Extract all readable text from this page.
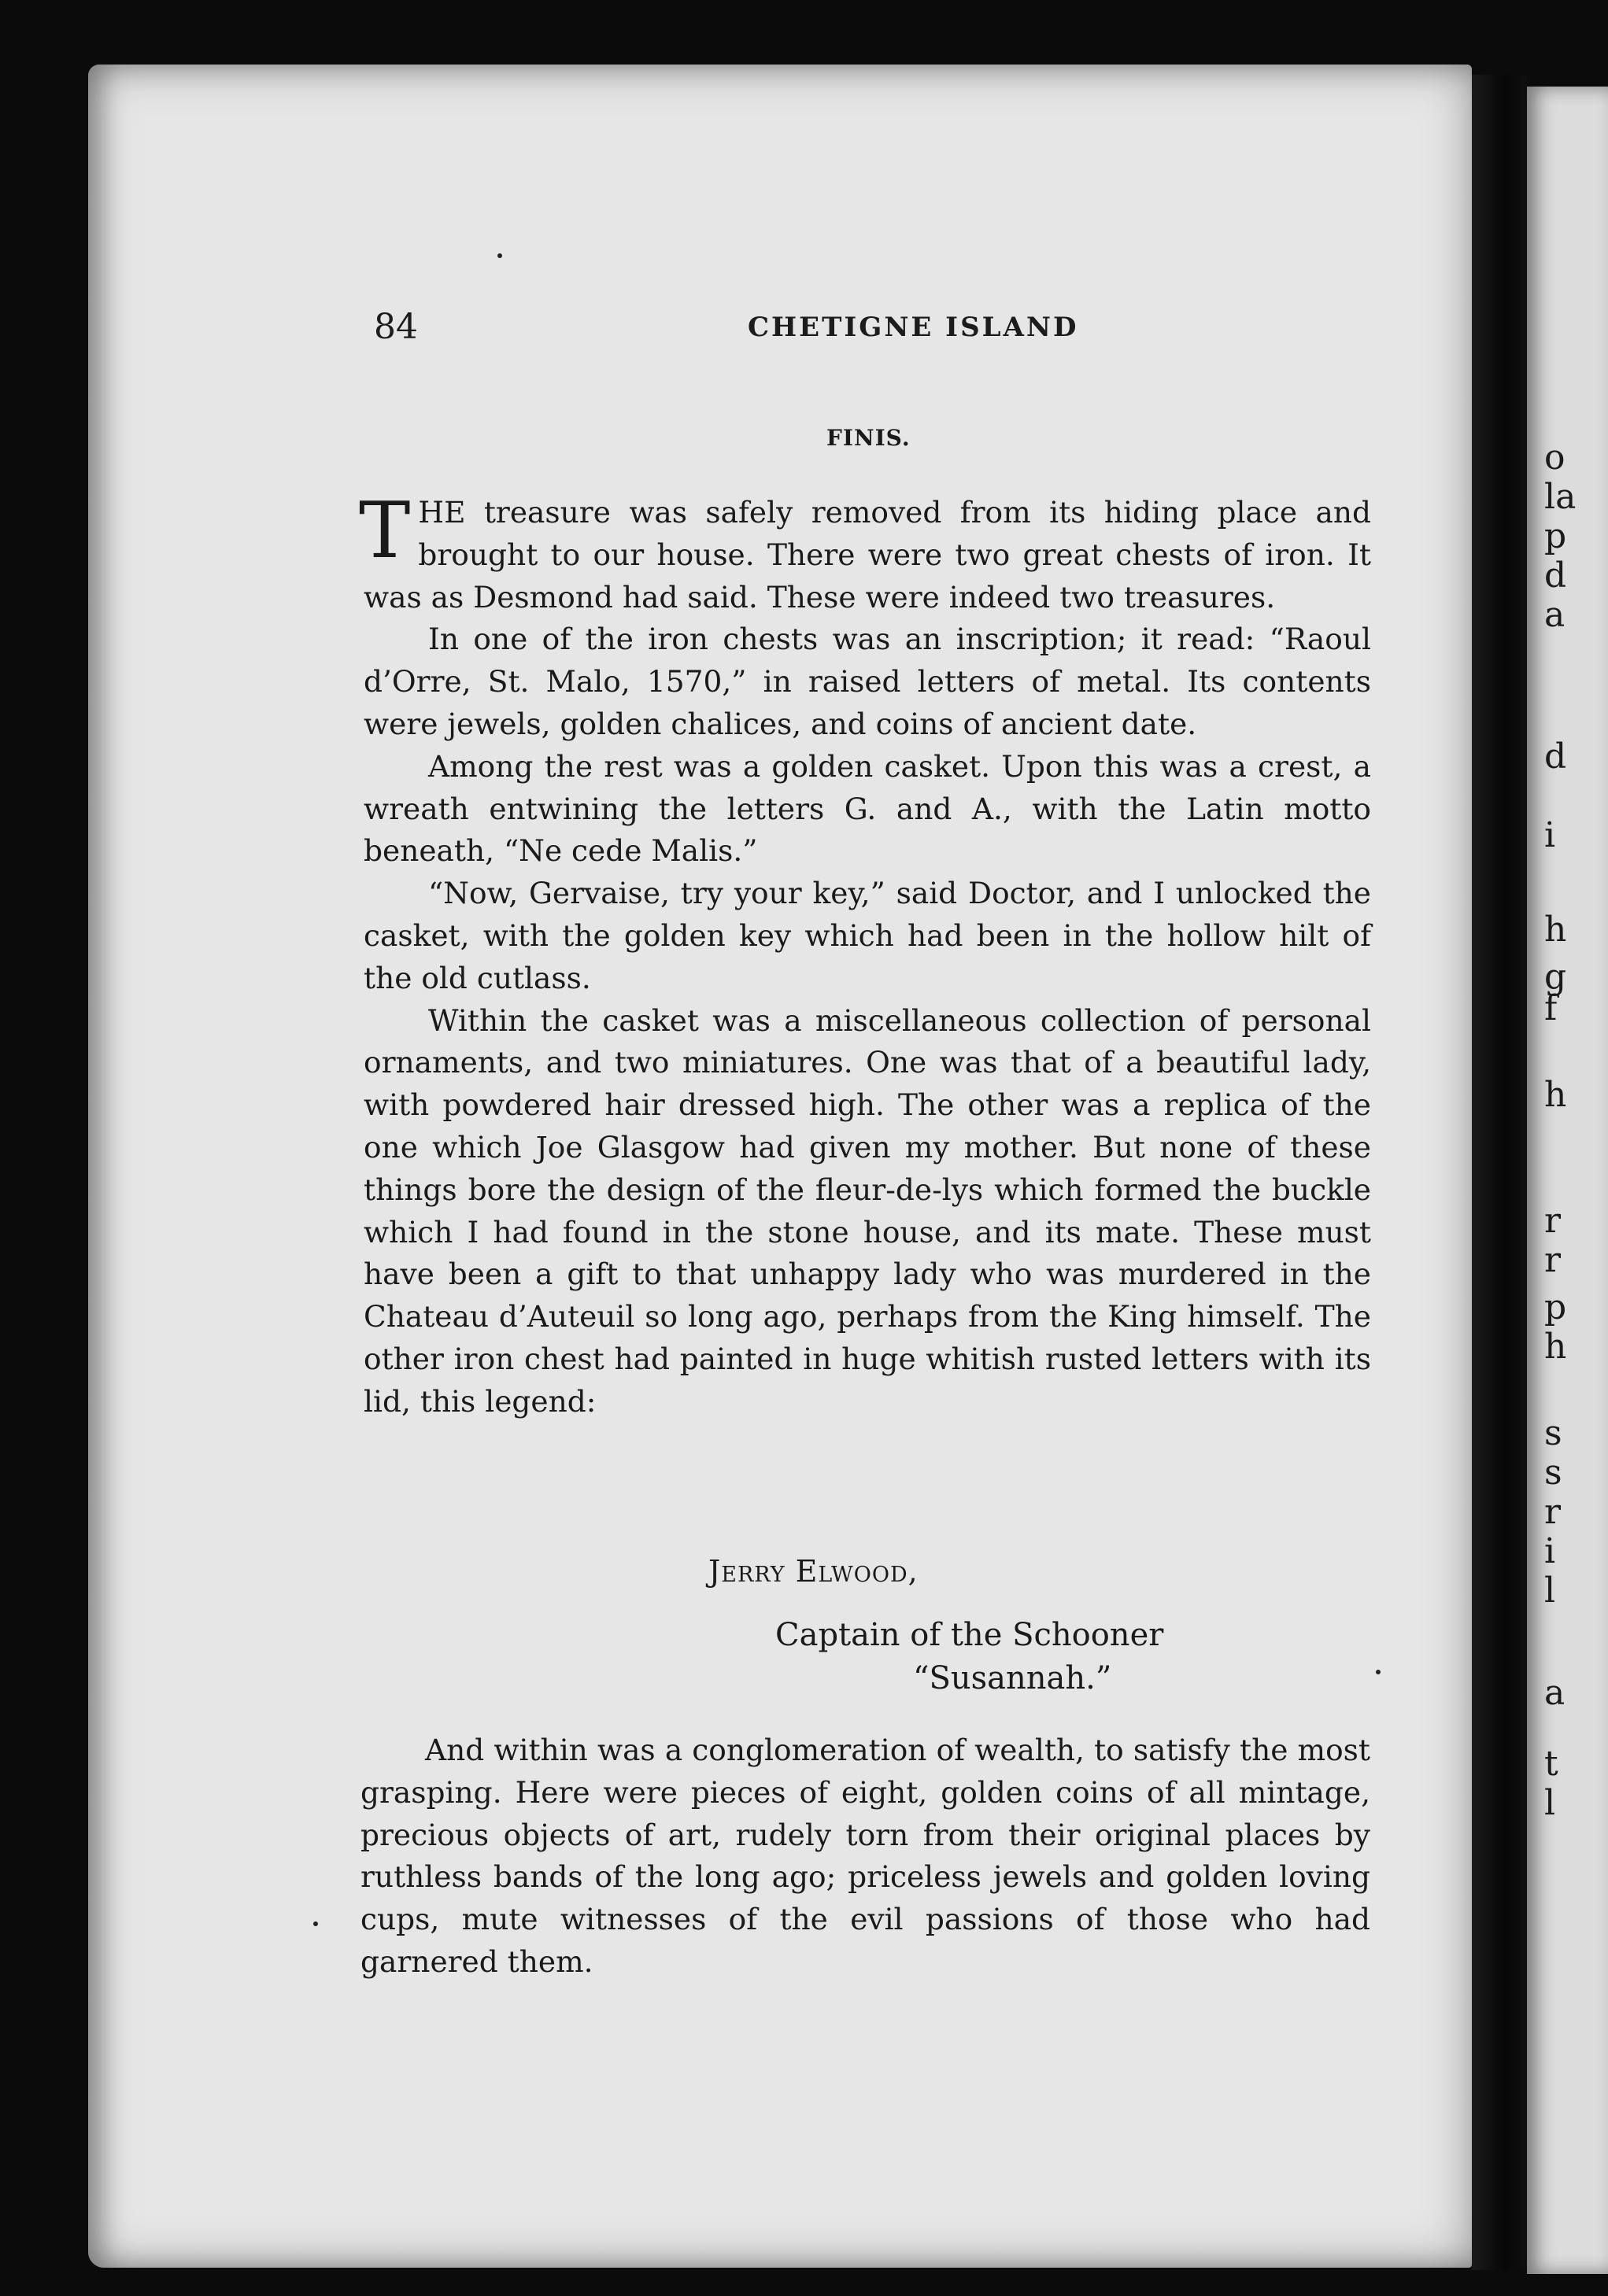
o
la
p
d
a
d
i
h
g
f
h
r
r
p
h
s
s
r
i
l
a
t
l
84	CHETIGNE ISLAND
FINIS.

THE treasure was safely removed from its hiding place and brought to our house. There were two great chests of iron. It was as Desmond had said. These were indeed two treasures.

In one of the iron chests was an inscription; it read: “Raoul d’Orre, St. Malo, 1570,” in raised letters of metal. Its contents were jewels, golden chalices, and coins of ancient date.

Among the rest was a golden casket. Upon this was a crest, a wreath entwining the letters G. and A., with the Latin motto beneath, “Ne cede Malis.”

“Now, Gervaise, try your key,” said Doctor, and I unlocked the casket, with the golden key which had been in the hollow hilt of the old cutlass.

Within the casket was a miscellaneous collection of personal ornaments, and two miniatures. One was that of a beautiful lady, with powdered hair dressed high. The other was a replica of the one which Joe Glasgow had given my mother. But none of these things bore the design of the fleur-de-lys which formed the buckle which I had found in the stone house, and its mate. These must have been a gift to that unhappy lady who was murdered in the Chateau d’Auteuil so long ago, perhaps from the King himself. The other iron chest had painted in huge whitish rusted letters with its lid, this legend:

Jerry Elwood,
Captain of the Schooner
“Susannah.”

And within was a conglomeration of wealth, to satisfy the most grasping. Here were pieces of eight, golden coins of all mintage, precious objects of art, rudely torn from their original places by ruthless bands of the long ago; priceless jewels and golden loving cups, mute witnesses of the evil passions of those who had garnered them.
